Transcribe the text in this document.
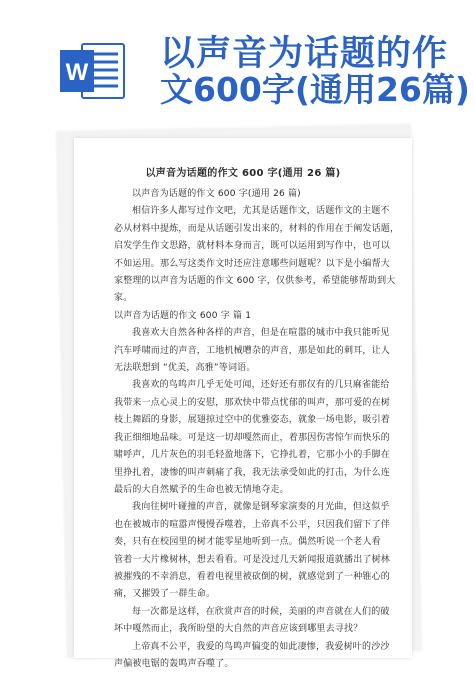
W 以声音为话题的作
文600字(通用26篇)
以声音为话题的作文 600 字(通用 26 篇)
以声音为话题的作文 600 字(通用 26 篇)
相信许多人都写过作文吧，尤其是话题作文，话题作文的主题不
必从材料中提炼，而是从话题引发出来的，材料的作用在于阐发话题，
启发学生作文思路，就材料本身而言，既可以运用到写作中，也可以
不如运用。那么写这类作文时还应注意哪些问题呢？以下是小编帮大
家整理的以声音为话题的作文 600 字，仅供参考，希望能够帮助到大
家。
以声音为话题的作文 600 字 篇 1
我喜欢大自然各种各样的声音，但是在喧嚣的城市中我只能听见
汽车呼啸而过的声音，工地机械嘈杂的声音，那是如此的刺耳，让人
无法联想到 “优美，高雅”等词语。
我喜欢的鸟鸣声几乎无处可闻，还好还有那仅有的几只麻雀能给
我带来一点心灵上的安慰，那欢快中带点忧郁的叫声，那可爱的在树
枝上舞蹈的身影，展翅掠过空中的优雅姿态，就象一场电影，吸引着
我正细细地品味。可是这一切却嘎然而止，着那因伤害惊乍而快乐的
啸呼声，几片灰色的羽毛轻盈地落下，它挣扎着，它那小小的手脚在
里挣扎着，凄惨的叫声刺痛了我，我无法承受如此的打击，为什么连
最后的大自然赋予的生命也被无情地夺走。
我向往树叶碰撞的声音，就像是钢琴家演奏的月光曲，但这似乎
也在被城市的喧嚣声慢慢吞噬着，上帝真不公平，只因我们留下了伴
奏，只有在校园里的树才能零星地听到一点。偶然听说一个老人看
管着一大片橡树林，想去看看。可是没过几天新闻报道就播出了树林
被摧残的不幸消息，看着电视里被砍倒的树，就感觉到了一种锥心的
痛，又摧毁了一群生命。
每一次都是这样，在欣赏声音的时候，美丽的声音就在人们的破
坏中嘎然而止，我所盼望的大自然的声音应该到哪里去寻找？
上帝真不公平，我爱的鸟鸣声偏变的如此凄惨，我爱树叶的沙沙
声偏被电锯的轰鸣声吞噬了。
